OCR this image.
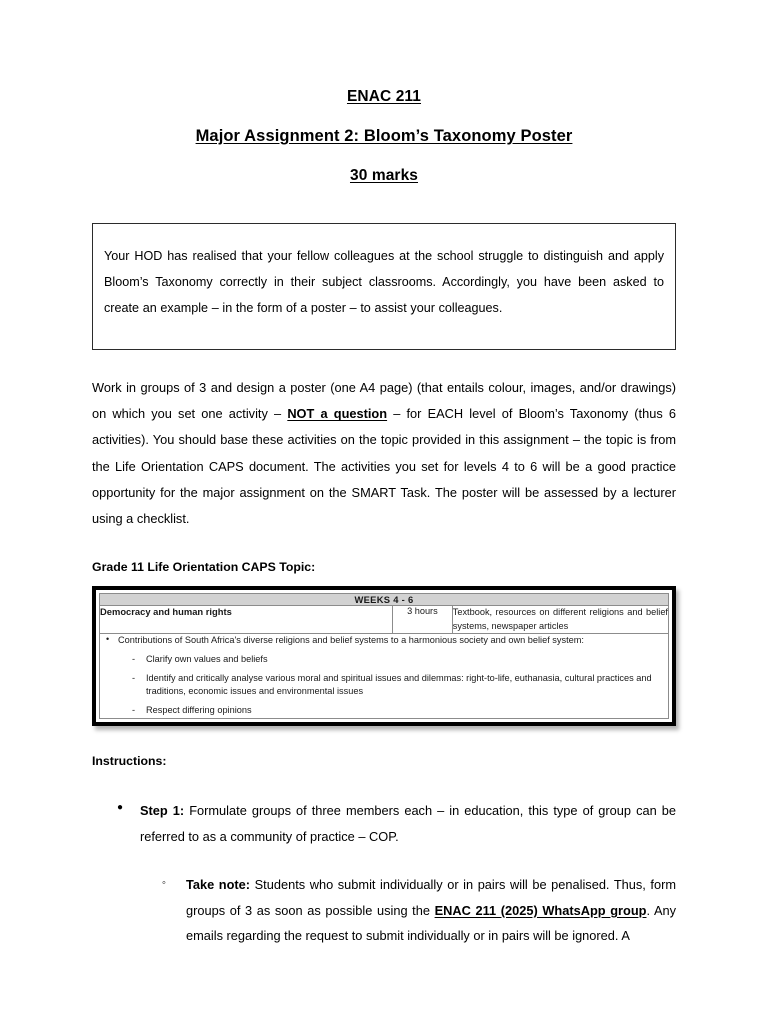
ENAC 211
Major Assignment 2: Bloom’s Taxonomy Poster
30 marks

Your HOD has realised that your fellow colleagues at the school struggle to distinguish and apply Bloom’s Taxonomy correctly in their subject classrooms. Accordingly, you have been asked to create an example – in the form of a poster – to assist your colleagues.

Work in groups of 3 and design a poster (one A4 page) (that entails colour, images, and/or drawings) on which you set one activity – NOT a question – for EACH level of Bloom’s Taxonomy (thus 6 activities). You should base these activities on the topic provided in this assignment – the topic is from the Life Orientation CAPS document. The activities you set for levels 4 to 6 will be a good practice opportunity for the major assignment on the SMART Task. The poster will be assessed by a lecturer using a checklist.

Grade 11 Life Orientation CAPS Topic:

WEEKS 4 - 6
Democracy and human rights	3 hours	Textbook, resources on different religions and belief systems, newspaper articles

• Contributions of South Africa's diverse religions and belief systems to a harmonious society and own belief system:
- Clarify own values and beliefs
- Identify and critically analyse various moral and spiritual issues and dilemmas: right-to-life, euthanasia, cultural practices and traditions, economic issues and environmental issues
- Respect differing opinions

Instructions:

● Step 1: Formulate groups of three members each – in education, this type of group can be referred to as a community of practice – COP.
◦ Take note: Students who submit individually or in pairs will be penalised. Thus, form groups of 3 as soon as possible using the ENAC 211 (2025) WhatsApp group. Any emails regarding the request to submit individually or in pairs will be ignored. A
